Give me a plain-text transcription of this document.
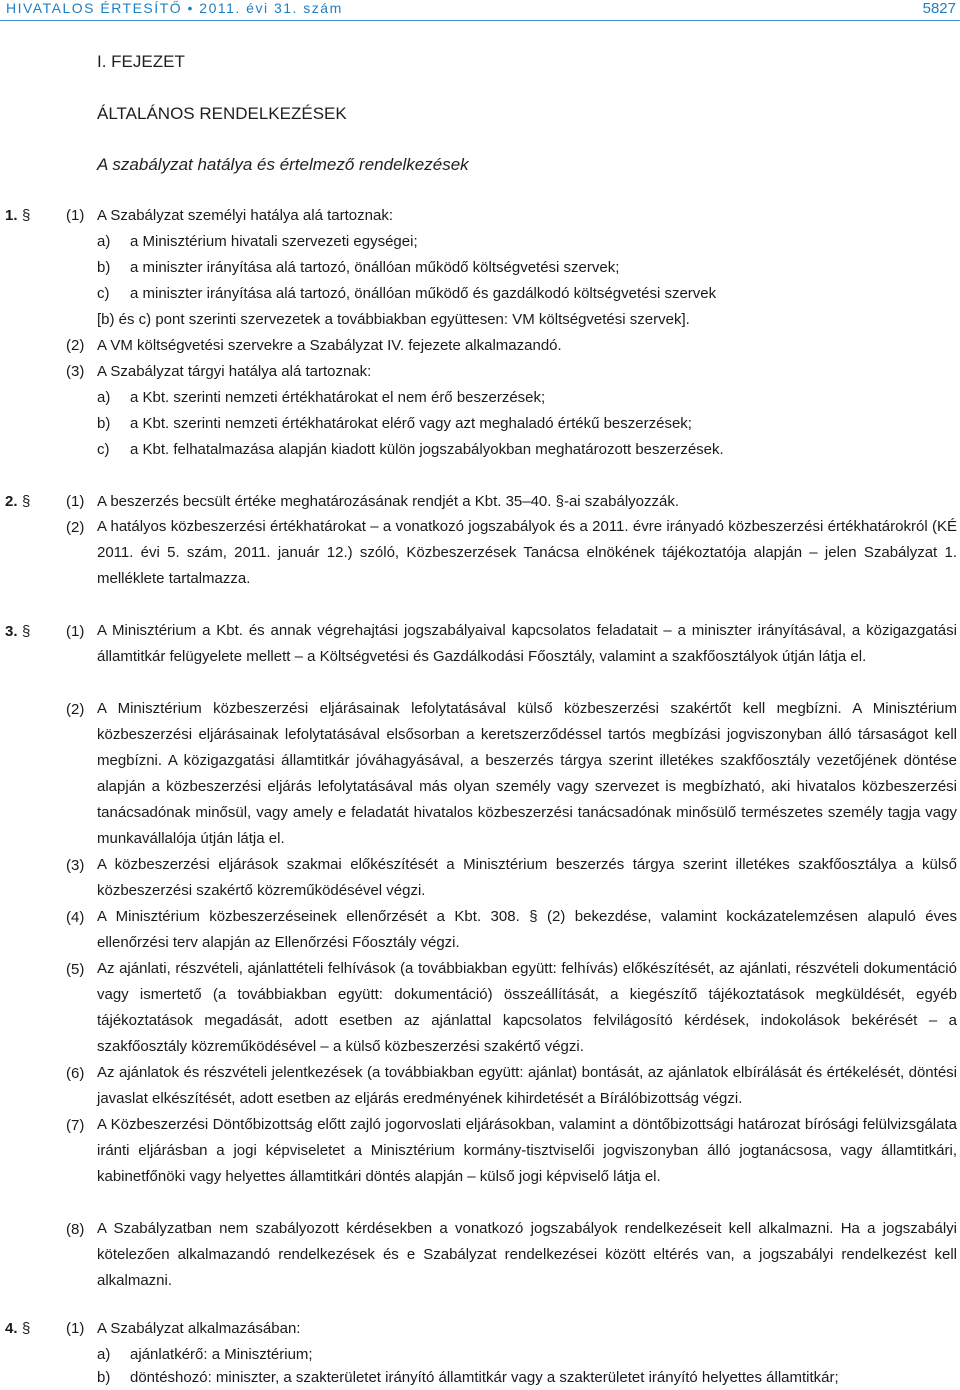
HIVATALOS ÉRTESÍTŐ • 2011. évi 31. szám	5827
I. FEJEZET
ÁLTALÁNOS RENDELKEZÉSEK
A szabályzat hatálya és értelmező rendelkezések
1. § (1) A Szabályzat személyi hatálya alá tartoznak:
a) a Minisztérium hivatali szervezeti egységei;
b) a miniszter irányítása alá tartozó, önállóan működő költségvetési szervek;
c) a miniszter irányítása alá tartozó, önállóan működő és gazdálkodó költségvetési szervek
[b) és c) pont szerinti szervezetek a továbbiakban együttesen: VM költségvetési szervek].
(2) A VM költségvetési szervekre a Szabályzat IV. fejezete alkalmazandó.
(3) A Szabályzat tárgyi hatálya alá tartoznak:
a) a Kbt. szerinti nemzeti értékhatárokat el nem érő beszerzések;
b) a Kbt. szerinti nemzeti értékhatárokat elérő vagy azt meghaladó értékű beszerzések;
c) a Kbt. felhatalmazása alapján kiadott külön jogszabályokban meghatározott beszerzések.
2. § (1) A beszerzés becsült értéke meghatározásának rendjét a Kbt. 35–40. §-ai szabályozzák.
(2) A hatályos közbeszerzési értékhatárokat – a vonatkozó jogszabályok és a 2011. évre irányadó közbeszerzési értékhatárokról (KÉ 2011. évi 5. szám, 2011. január 12.) szóló, Közbeszerzések Tanácsa elnökének tájékoztatója alapján – jelen Szabályzat 1. melléklete tartalmazza.
3. § (1) A Minisztérium a Kbt. és annak végrehajtási jogszabályaival kapcsolatos feladatait – a miniszter irányításával, a közigazgatási államtitkár felügyelete mellett – a Költségvetési és Gazdálkodási Főosztály, valamint a szakfőosztályok útján látja el.
(2) A Minisztérium közbeszerzési eljárásainak lefolytatásával külső közbeszerzési szakértőt kell megbízni. A Minisztérium közbeszerzési eljárásainak lefolytatásával elsősorban a keretszerződéssel tartós megbízási jogviszonyban álló társaságot kell megbízni. A közigazgatási államtitkár jóváhagyásával, a beszerzés tárgya szerint illetékes szakfőosztály vezetőjének döntése alapján a közbeszerzési eljárás lefolytatásával más olyan személy vagy szervezet is megbízható, aki hivatalos közbeszerzési tanácsadónak minősül, vagy amely e feladatát hivatalos közbeszerzési tanácsadónak minősülő természetes személy tagja vagy munkavállalója útján látja el.
(3) A közbeszerzési eljárások szakmai előkészítését a Minisztérium beszerzés tárgya szerint illetékes szakfőosztálya a külső közbeszerzési szakértő közreműködésével végzi.
(4) A Minisztérium közbeszerzéseinek ellenőrzését a Kbt. 308. § (2) bekezdése, valamint kockázatelemzésen alapuló éves ellenőrzési terv alapján az Ellenőrzési Főosztály végzi.
(5) Az ajánlati, részvételi, ajánlattételi felhívások (a továbbiakban együtt: felhívás) előkészítését, az ajánlati, részvételi dokumentáció vagy ismertető (a továbbiakban együtt: dokumentáció) összeállítását, a kiegészítő tájékoztatások megküldését, egyéb tájékoztatások megadását, adott esetben az ajánlattal kapcsolatos felvilágosító kérdések, indokolások bekérését – a szakfőosztály közreműködésével – a külső közbeszerzési szakértő végzi.
(6) Az ajánlatok és részvételi jelentkezések (a továbbiakban együtt: ajánlat) bontását, az ajánlatok elbírálását és értékelését, döntési javaslat elkészítését, adott esetben az eljárás eredményének kihirdetését a Bírálóbizottság végzi.
(7) A Közbeszerzési Döntőbizottság előtt zajló jogorvoslati eljárásokban, valamint a döntőbizottsági határozat bírósági felülvizsgálata iránti eljárásban a jogi képviseletet a Minisztérium kormány-tisztviselői jogviszonyban álló jogtanácsosa, vagy államtitkári, kabinetfőnöki vagy helyettes államtitkári döntés alapján – külső jogi képviselő látja el.
(8) A Szabályzatban nem szabályozott kérdésekben a vonatkozó jogszabályok rendelkezéseit kell alkalmazni. Ha a jogszabályi kötelezően alkalmazandó rendelkezések és e Szabályzat rendelkezései között eltérés van, a jogszabályi rendelkezést kell alkalmazni.
4. § (1) A Szabályzat alkalmazásában:
a) ajánlatkérő: a Minisztérium;
b) döntéshozó: miniszter, a szakterületet irányító államtitkár vagy a szakterületet irányító helyettes államtitkár;
